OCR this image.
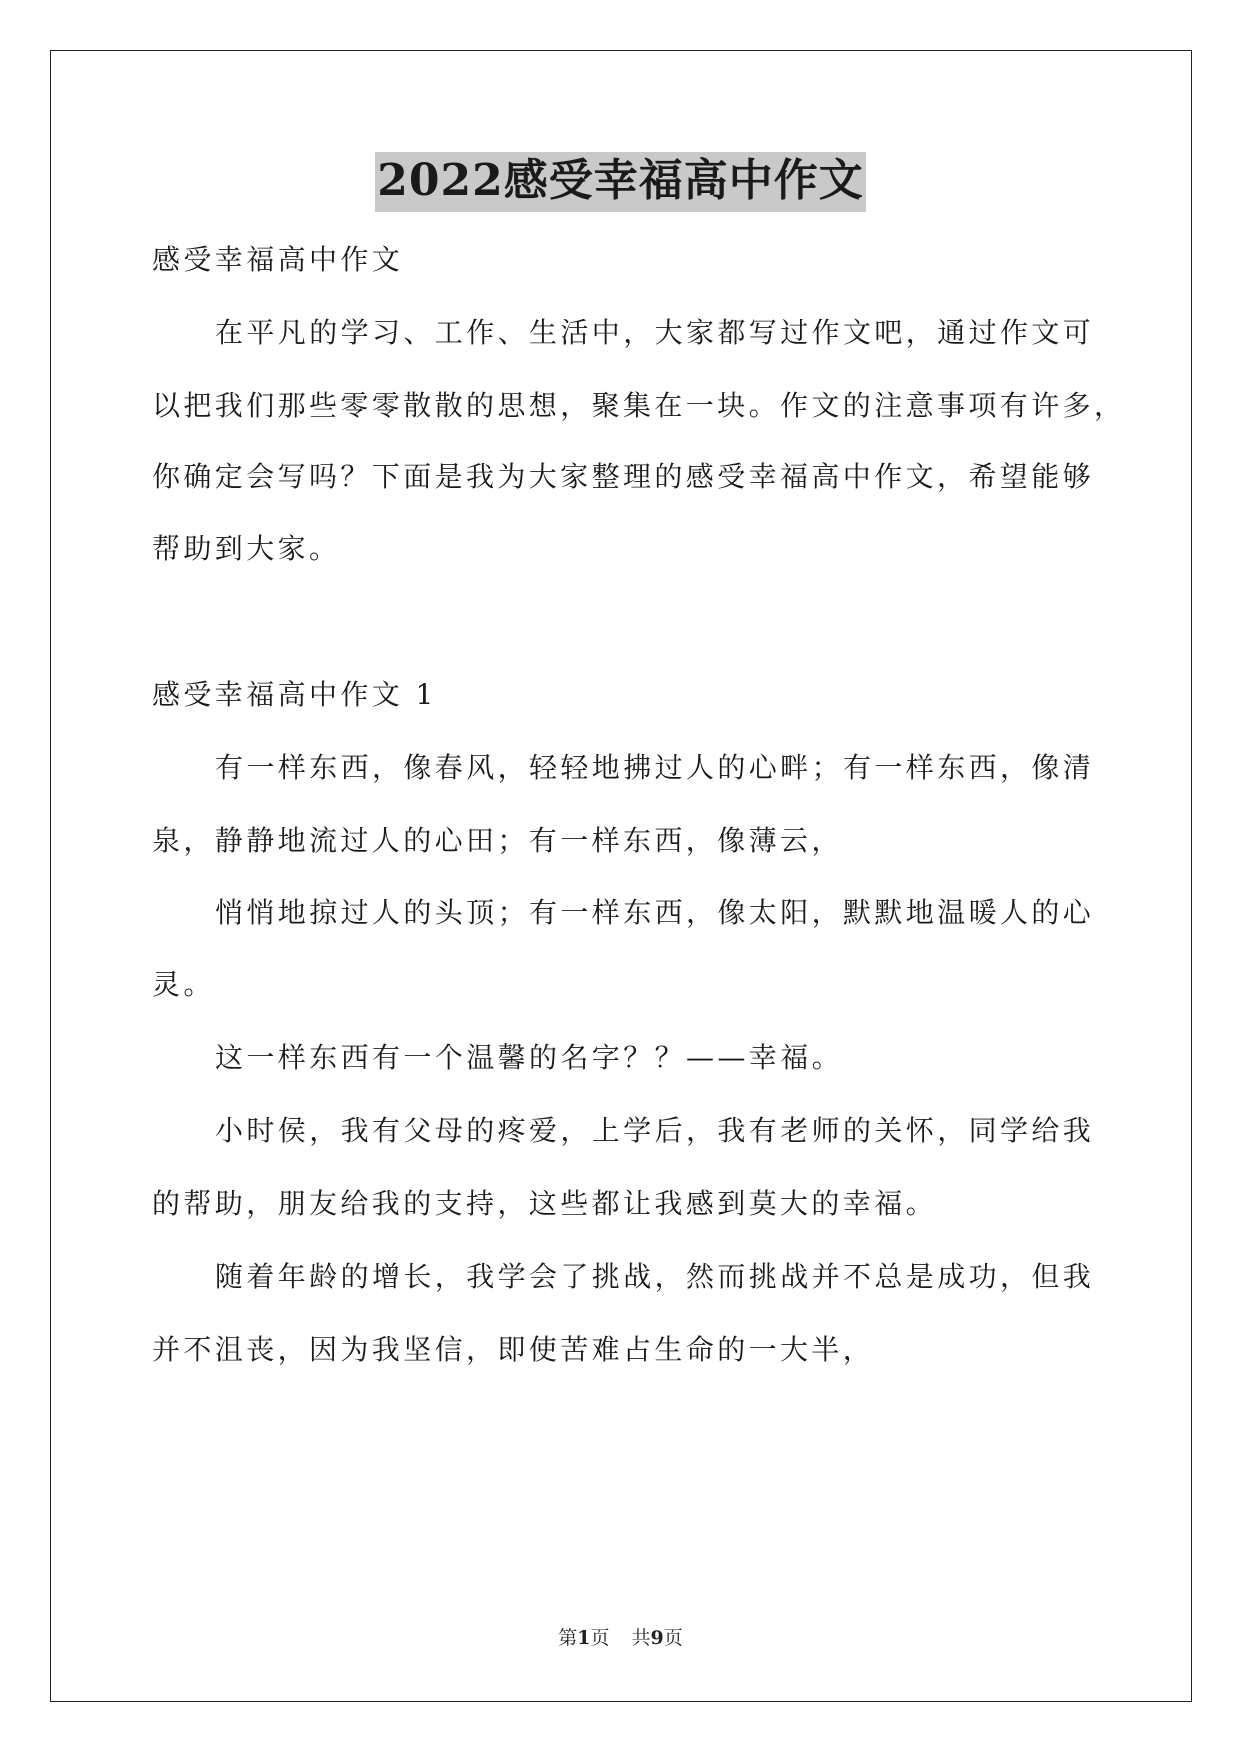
2022感受幸福高中作文
感受幸福高中作文
在平凡的学习、工作、生活中，大家都写过作文吧，通过作文可
以把我们那些零零散散的思想，聚集在一块。作文的注意事项有许多，
你确定会写吗？下面是我为大家整理的感受幸福高中作文，希望能够
帮助到大家。
感受幸福高中作文 1
有一样东西，像春风，轻轻地拂过人的心畔；有一样东西，像清
泉，静静地流过人的心田；有一样东西，像薄云，
悄悄地掠过人的头顶；有一样东西，像太阳，默默地温暖人的心
灵。
这一样东西有一个温馨的名字？？——幸福。
小时侯，我有父母的疼爱，上学后，我有老师的关怀，同学给我
的帮助，朋友给我的支持，这些都让我感到莫大的幸福。
随着年龄的增长，我学会了挑战，然而挑战并不总是成功，但我
并不沮丧，因为我坚信，即使苦难占生命的一大半，
第1页 共9页
